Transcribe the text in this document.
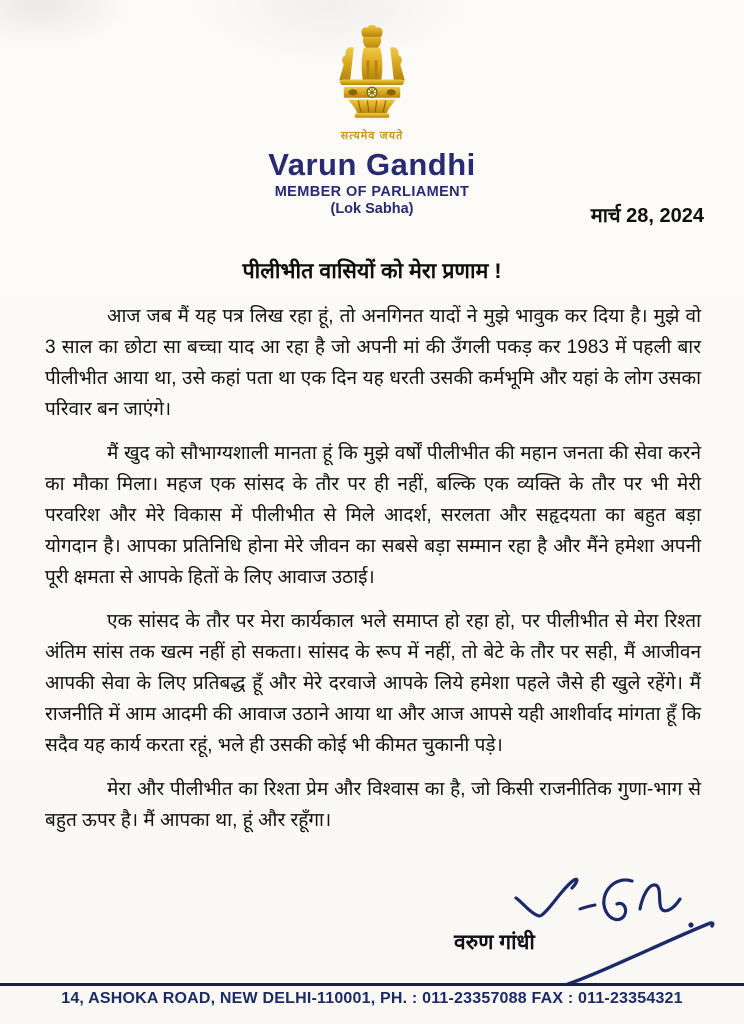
सत्यमेव जयते
Varun Gandhi
MEMBER OF PARLIAMENT
(Lok Sabha)	मार्च 28, 2024
पीलीभीत वासियों को मेरा प्रणाम !

आज जब मैं यह पत्र लिख रहा हूं, तो अनगिनत यादों ने मुझे भावुक कर दिया है। मुझे वो 3 साल का छोटा सा बच्चा याद आ रहा है जो अपनी मां की उँगली पकड़ कर 1983 में पहली बार पीलीभीत आया था, उसे कहां पता था एक दिन यह धरती उसकी कर्मभूमि और यहां के लोग उसका परिवार बन जाएंगे।

मैं खुद को सौभाग्यशाली मानता हूं कि मुझे वर्षों पीलीभीत की महान जनता की सेवा करने का मौका मिला। महज एक सांसद के तौर पर ही नहीं, बल्कि एक व्यक्ति के तौर पर भी मेरी परवरिश और मेरे विकास में पीलीभीत से मिले आदर्श, सरलता और सहृदयता का बहुत बड़ा योगदान है। आपका प्रतिनिधि होना मेरे जीवन का सबसे बड़ा सम्मान रहा है और मैंने हमेशा अपनी पूरी क्षमता से आपके हितों के लिए आवाज उठाई।

एक सांसद के तौर पर मेरा कार्यकाल भले समाप्त हो रहा हो, पर पीलीभीत से मेरा रिश्ता अंतिम सांस तक खत्म नहीं हो सकता। सांसद के रूप में नहीं, तो बेटे के तौर पर सही, मैं आजीवन आपकी सेवा के लिए प्रतिबद्ध हूँ और मेरे दरवाजे आपके लिये हमेशा पहले जैसे ही खुले रहेंगे। मैं राजनीति में आम आदमी की आवाज उठाने आया था और आज आपसे यही आशीर्वाद मांगता हूँ कि सदैव यह कार्य करता रहूं, भले ही उसकी कोई भी कीमत चुकानी पड़े।

मेरा और पीलीभीत का रिश्ता प्रेम और विश्वास का है, जो किसी राजनीतिक गुणा-भाग से बहुत ऊपर है। मैं आपका था, हूं और रहूँगा।

वरुण गांधी
14, ASHOKA ROAD, NEW DELHI-110001, PH. : 011-23357088 FAX : 011-23354321
